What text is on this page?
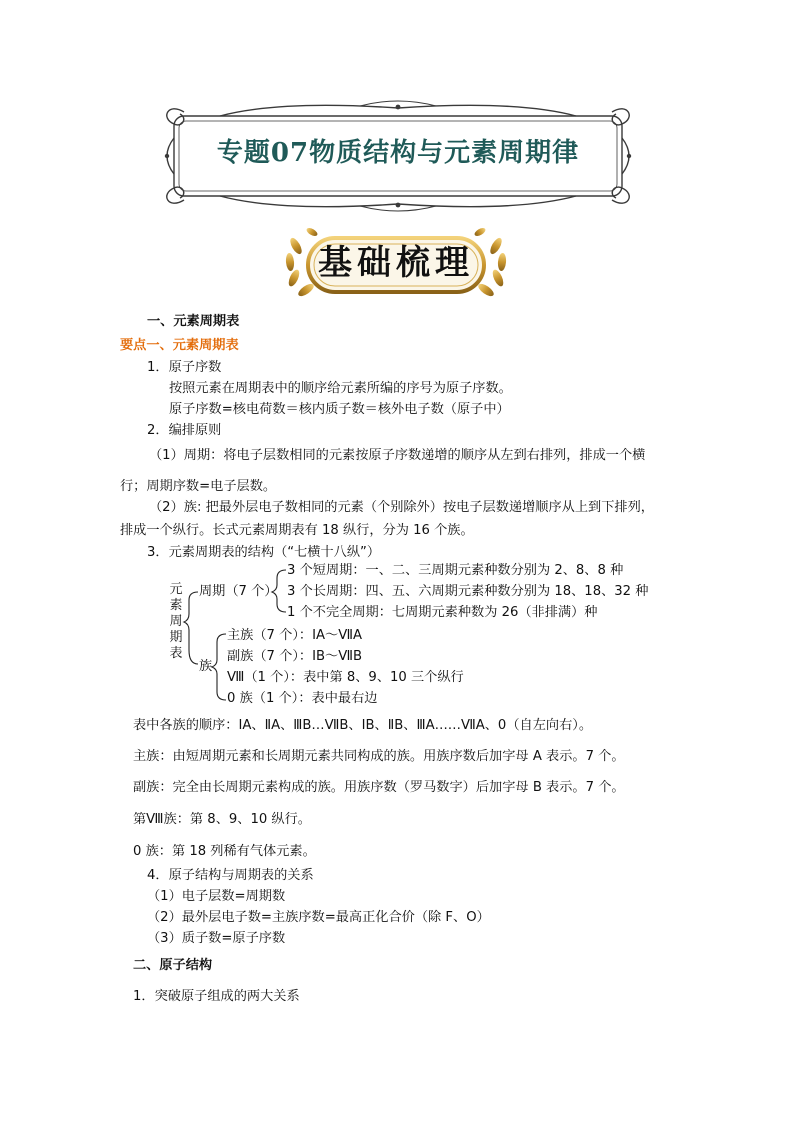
专题07物质结构与元素周期律
基础梳理
一、元素周期表
要点一、元素周期表
1．原子序数
按照元素在周期表中的顺序给元素所编的序号为原子序数。
原子序数=核电荷数＝核内质子数＝核外电子数（原子中）
2．编排原则
（1）周期：将电子层数相同的元素按原子序数递增的顺序从左到右排列，排成一个横
行；周期序数=电子层数。
（2）族: 把最外层电子数相同的元素（个别除外）按电子层数递增顺序从上到下排列，
排成一个纵行。长式元素周期表有 18 纵行，分为 16 个族。
3．元素周期表的结构（“七横十八纵”）
元
素
周
期
表
周期（7 个）
3 个短周期：一、二、三周期元素种数分别为 2、8、8 种
3 个长周期：四、五、六周期元素种数分别为 18、18、32 种
1 个不完全周期：七周期元素种数为 26（非排满）种
族
主族（7 个）：ⅠA～ⅦA
副族（7 个）：ⅠB～ⅦB
Ⅷ（1 个）：表中第 8、9、10 三个纵行
0 族（1 个）：表中最右边
表中各族的顺序：ⅠA、ⅡA、ⅢB…ⅦB、ⅠB、ⅡB、ⅢA……ⅦA、0（自左向右）。
主族：由短周期元素和长周期元素共同构成的族。用族序数后加字母 A 表示。7 个。
副族：完全由长周期元素构成的族。用族序数（罗马数字）后加字母 B 表示。7 个。
第Ⅷ族：第 8、9、10 纵行。
0 族：第 18 列稀有气体元素。
4．原子结构与周期表的关系
（1）电子层数=周期数
（2）最外层电子数=主族序数=最高正化合价（除 F、O）
（3）质子数=原子序数
二、原子结构
1．突破原子组成的两大关系
